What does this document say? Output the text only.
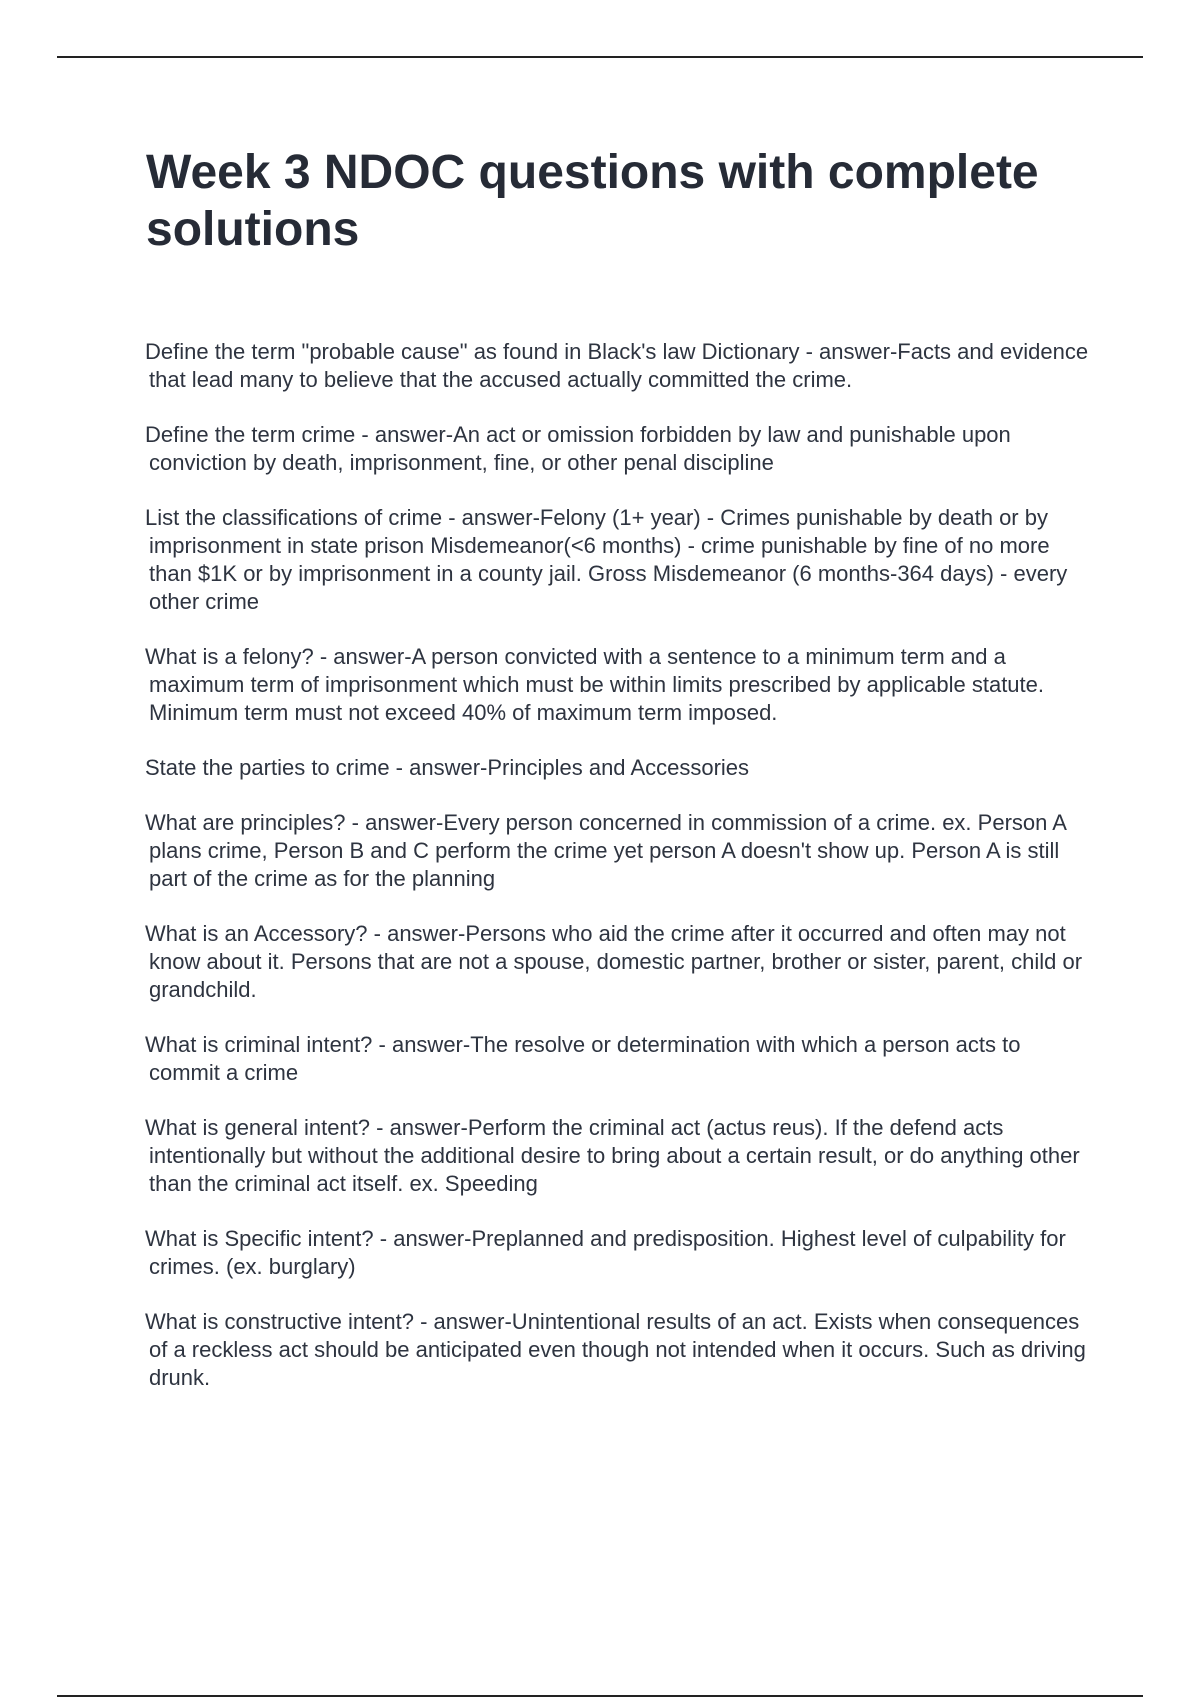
Week 3 NDOC questions with complete solutions

Define the term "probable cause" as found in Black's law Dictionary - answer-Facts and evidence that lead many to believe that the accused actually committed the crime.

Define the term crime - answer-An act or omission forbidden by law and punishable upon conviction by death, imprisonment, fine, or other penal discipline

List the classifications of crime - answer-Felony (1+ year) - Crimes punishable by death or by imprisonment in state prison Misdemeanor(<6 months) - crime punishable by fine of no more than $1K or by imprisonment in a county jail. Gross Misdemeanor (6 months-364 days) - every other crime

What is a felony? - answer-A person convicted with a sentence to a minimum term and a maximum term of imprisonment which must be within limits prescribed by applicable statute. Minimum term must not exceed 40% of maximum term imposed.

State the parties to crime - answer-Principles and Accessories

What are principles? - answer-Every person concerned in commission of a crime. ex. Person A plans crime, Person B and C perform the crime yet person A doesn't show up. Person A is still part of the crime as for the planning

What is an Accessory? - answer-Persons who aid the crime after it occurred and often may not know about it. Persons that are not a spouse, domestic partner, brother or sister, parent, child or grandchild.

What is criminal intent? - answer-The resolve or determination with which a person acts to commit a crime

What is general intent? - answer-Perform the criminal act (actus reus). If the defend acts intentionally but without the additional desire to bring about a certain result, or do anything other than the criminal act itself. ex. Speeding

What is Specific intent? - answer-Preplanned and predisposition. Highest level of culpability for crimes. (ex. burglary)

What is constructive intent? - answer-Unintentional results of an act. Exists when consequences of a reckless act should be anticipated even though not intended when it occurs. Such as driving drunk.
